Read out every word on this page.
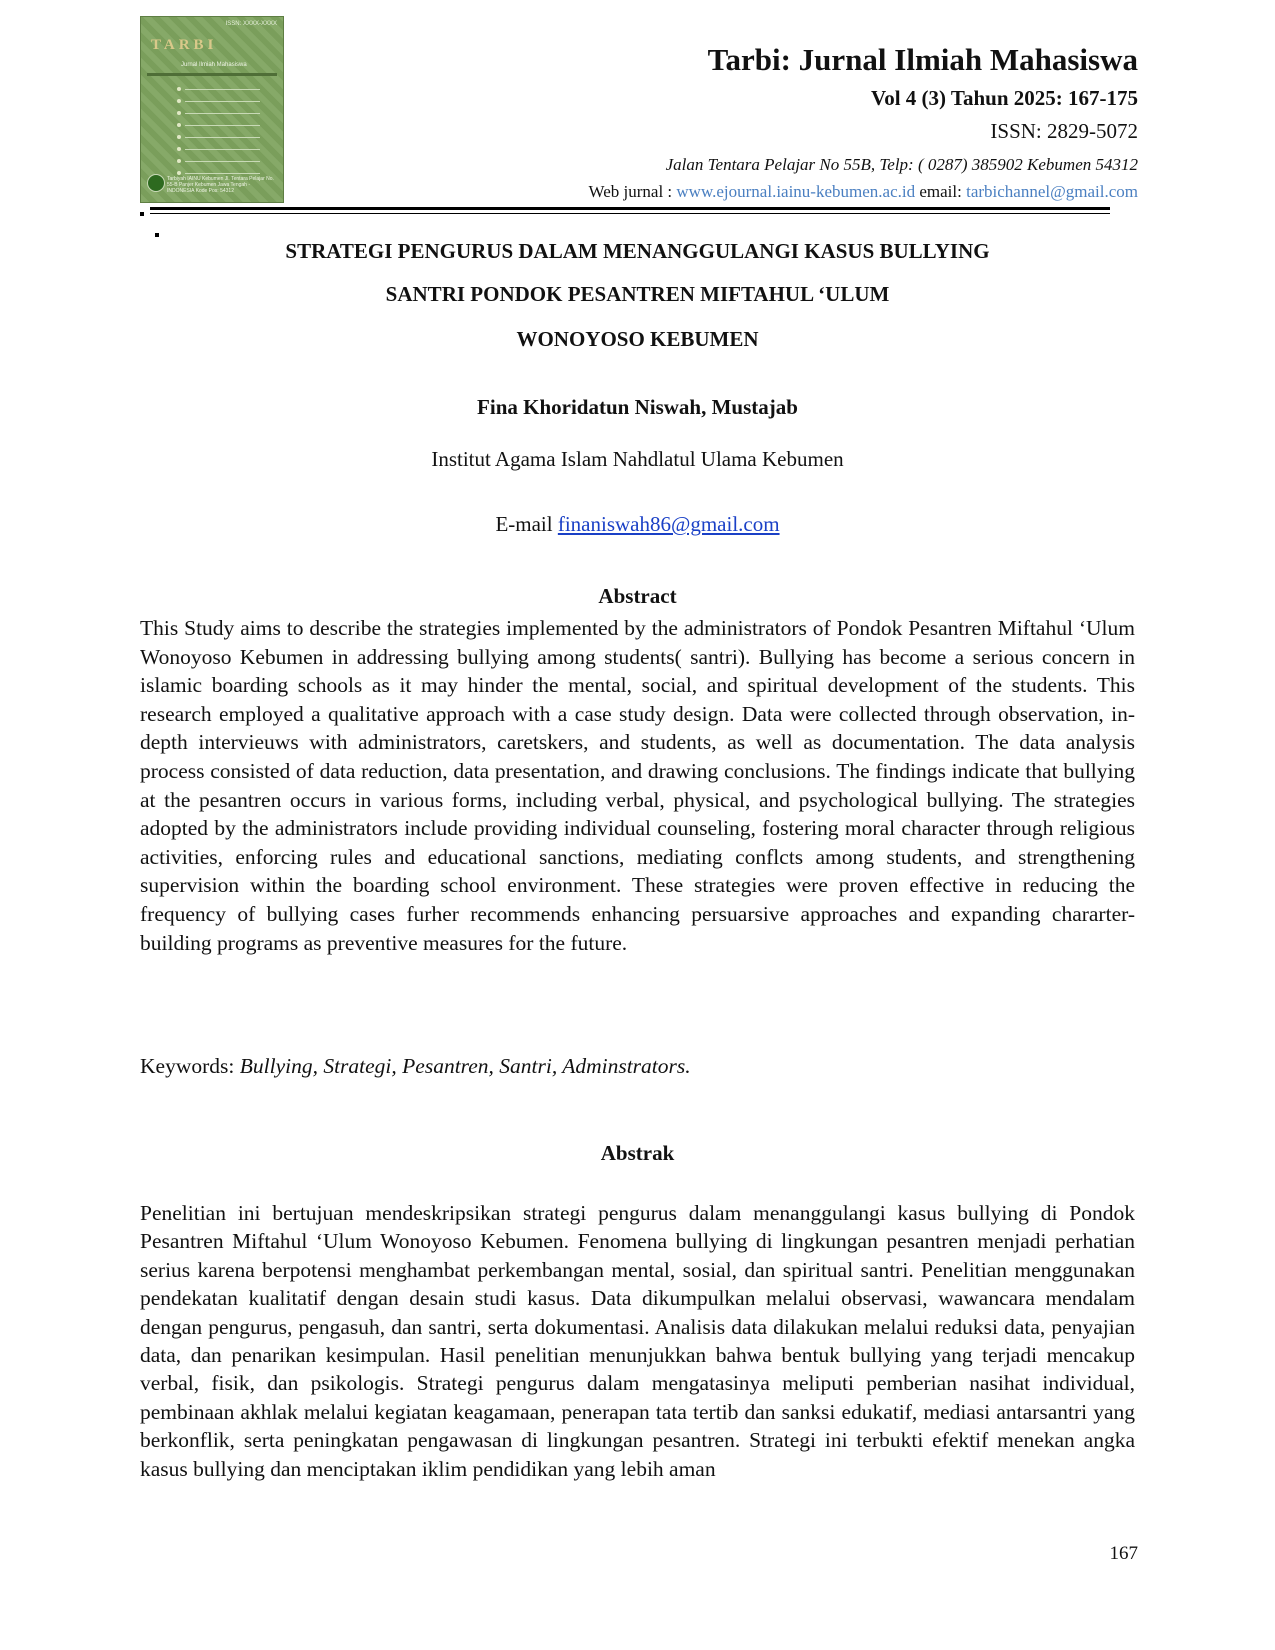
ISSN: XXXX-XXXX
TARBI
Jurnal Ilmiah Mahasiswa
Tarbiyah IAINU Kebumen Jl. Tentara Pelajar No. 55-B Panjer Kebumen Jawa Tengah - INDONESIA Kode Pos: 54312
Tarbi: Jurnal Ilmiah Mahasiswa
Vol 4 (3) Tahun 2025: 167-175
ISSN: 2829-5072
Jalan Tentara Pelajar No 55B, Telp: ( 0287) 385902 Kebumen 54312
Web jurnal : www.ejournal.iainu-kebumen.ac.id email: tarbichannel@gmail.com
STRATEGI PENGURUS DALAM MENANGGULANGI KASUS BULLYING
SANTRI PONDOK PESANTREN MIFTAHUL ‘ULUM
WONOYOSO KEBUMEN
Fina Khoridatun Niswah, Mustajab
Institut Agama Islam Nahdlatul Ulama Kebumen
E-mail finaniswah86@gmail.com
Abstract

This Study aims to describe the strategies implemented by the administrators of Pondok Pesantren Miftahul ‘Ulum Wonoyoso Kebumen in addressing bullying among students( santri). Bullying has become a serious concern in islamic boarding schools as it may hinder the mental, social, and spiritual development of the students. This research employed a qualitative approach with a case study design. Data were collected through observation, in-depth intervieuws with administrators, caretskers, and students, as well as documentation. The data analysis process consisted of data reduction, data presentation, and drawing conclusions. The findings indicate that bullying at the pesantren occurs in various forms, including verbal, physical, and psychological bullying. The strategies adopted by the administrators include providing individual counseling, fostering moral character through religious activities, enforcing rules and educational sanctions, mediating conflcts among students, and strengthening supervision within the boarding school environment. These strategies were proven effective in reducing the frequency of bullying cases furher recommends enhancing persuarsive approaches and expanding chararter-building programs as preventive measures for the future.

Keywords: Bullying, Strategi, Pesantren, Santri, Adminstrators.
Abstrak

Penelitian ini bertujuan mendeskripsikan strategi pengurus dalam menanggulangi kasus bullying di Pondok Pesantren Miftahul ‘Ulum Wonoyoso Kebumen. Fenomena bullying di lingkungan pesantren menjadi perhatian serius karena berpotensi menghambat perkembangan mental, sosial, dan spiritual santri. Penelitian menggunakan pendekatan kualitatif dengan desain studi kasus. Data dikumpulkan melalui observasi, wawancara mendalam dengan pengurus, pengasuh, dan santri, serta dokumentasi. Analisis data dilakukan melalui reduksi data, penyajian data, dan penarikan kesimpulan. Hasil penelitian menunjukkan bahwa bentuk bullying yang terjadi mencakup verbal, fisik, dan psikologis. Strategi pengurus dalam mengatasinya meliputi pemberian nasihat individual, pembinaan akhlak melalui kegiatan keagamaan, penerapan tata tertib dan sanksi edukatif, mediasi antarsantri yang berkonflik, serta peningkatan pengawasan di lingkungan pesantren. Strategi ini terbukti efektif menekan angka kasus bullying dan menciptakan iklim pendidikan yang lebih aman

167
